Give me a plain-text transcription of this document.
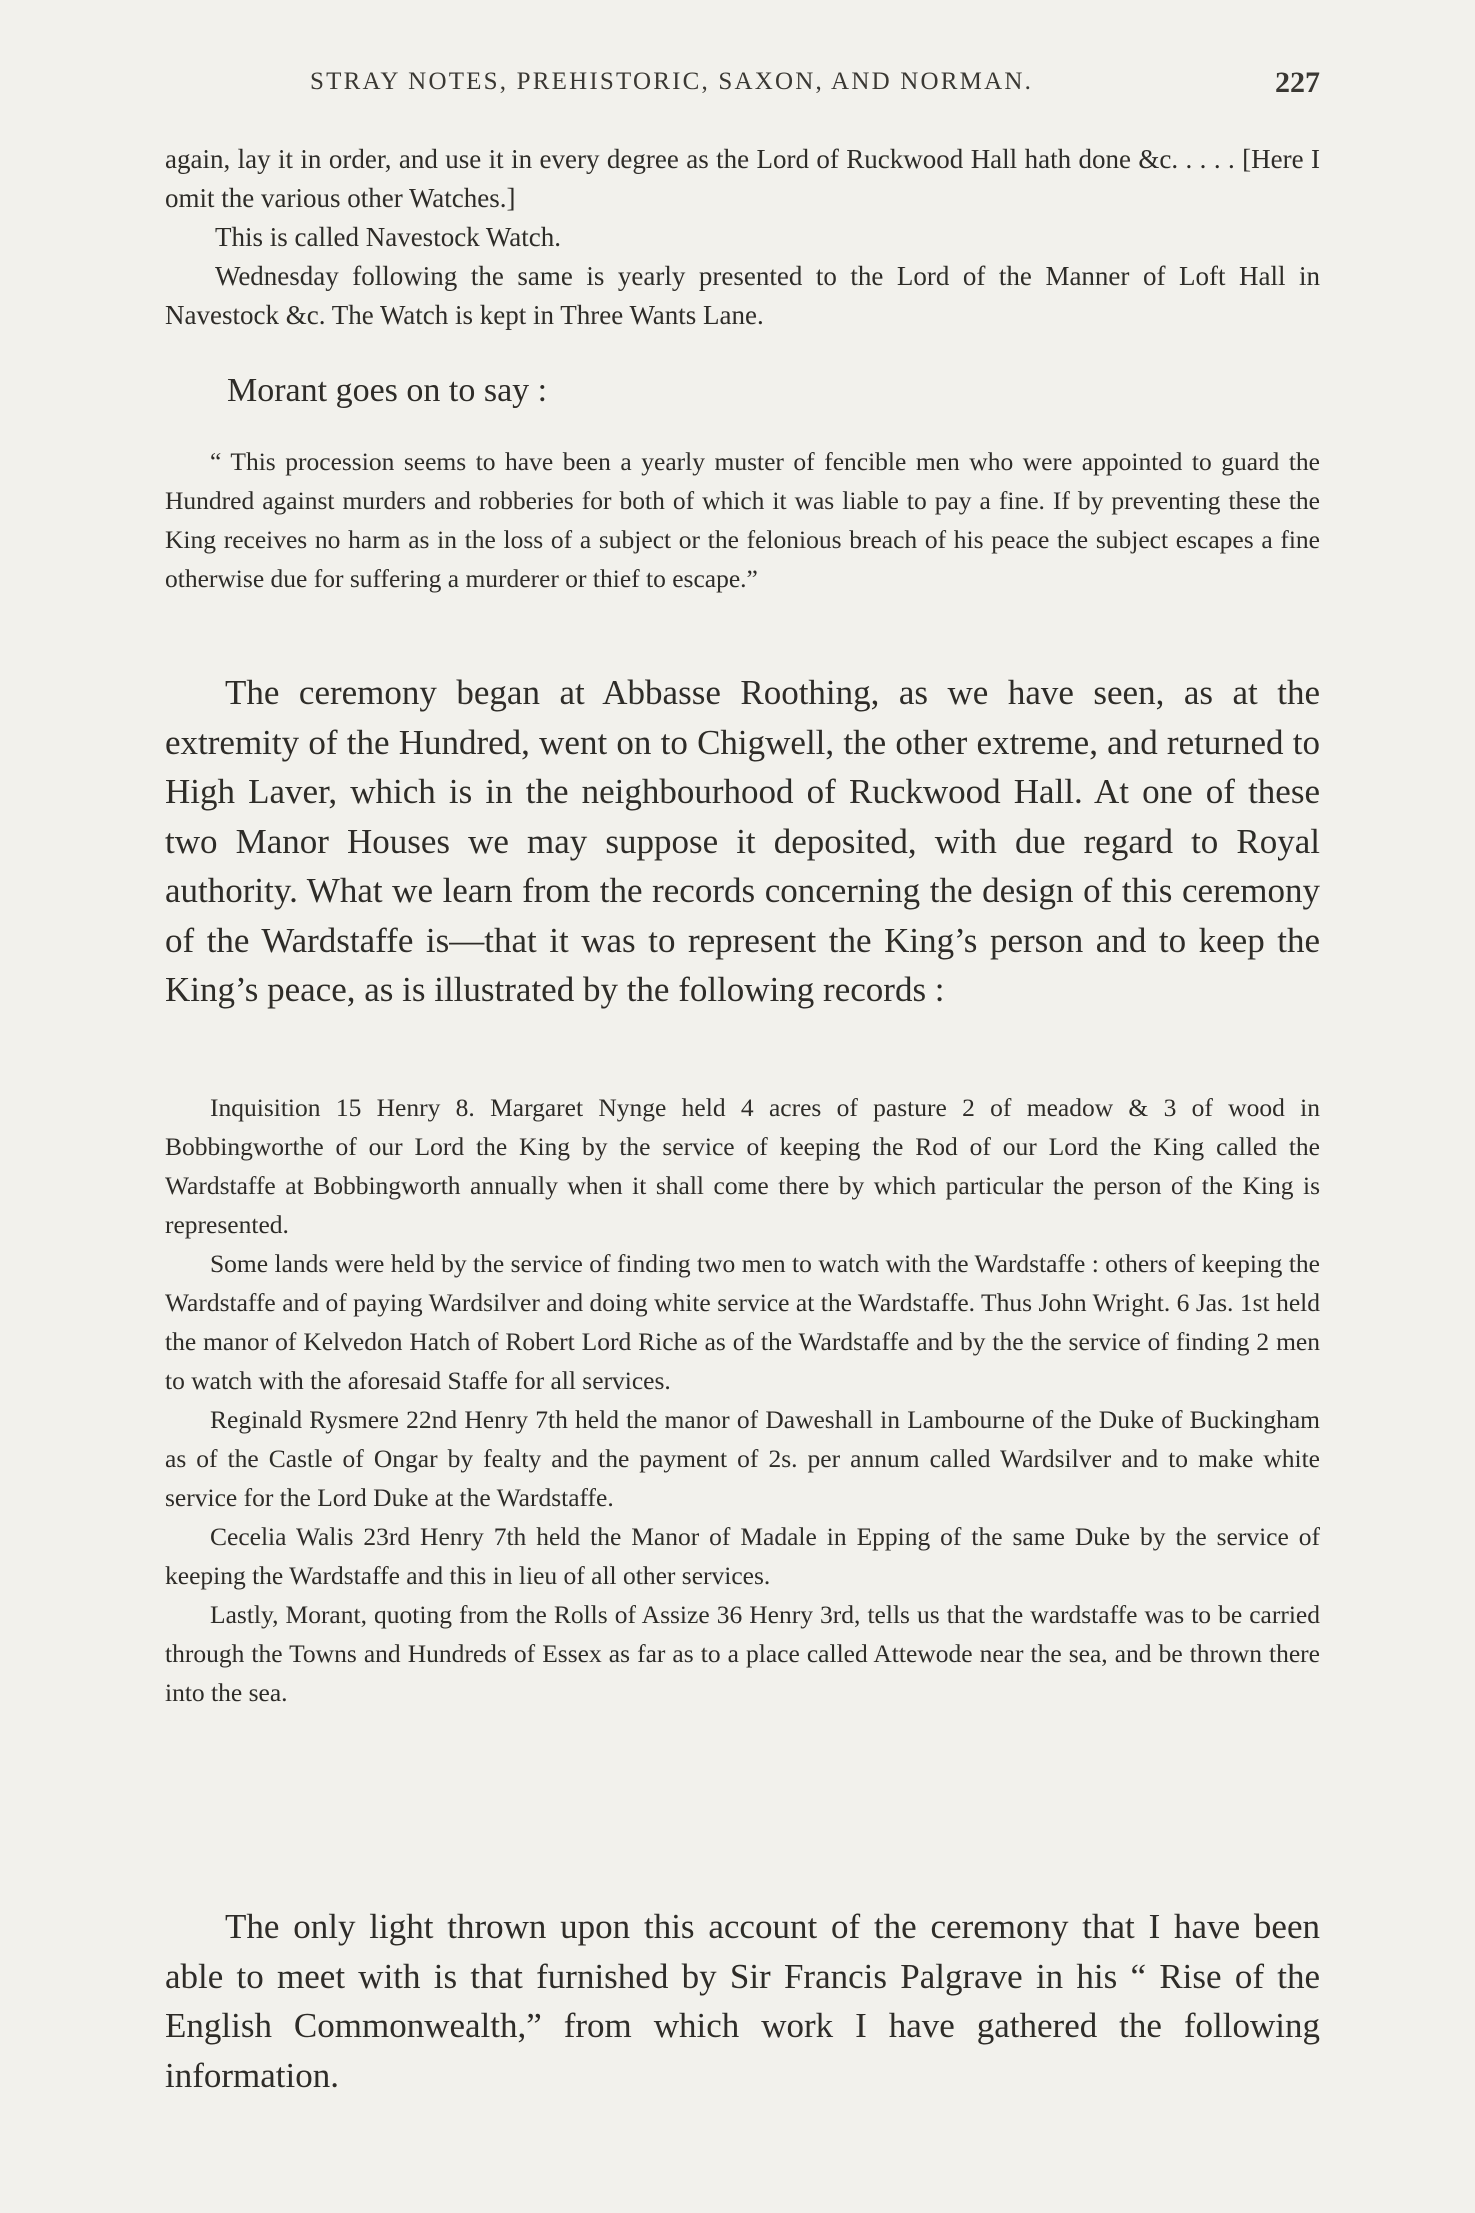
STRAY NOTES, PREHISTORIC, SAXON, AND NORMAN.	227

again, lay it in order, and use it in every degree as the Lord of Ruckwood Hall hath done &c. . . . . [Here I omit the various other Watches.]

This is called Navestock Watch.

Wednesday following the same is yearly presented to the Lord of the Manner of Loft Hall in Navestock &c. The Watch is kept in Three Wants Lane.

Morant goes on to say :

“ This procession seems to have been a yearly muster of fencible men who were appointed to guard the Hundred against murders and robberies for both of which it was liable to pay a fine. If by preventing these the King receives no harm as in the loss of a subject or the felonious breach of his peace the subject escapes a fine otherwise due for suffering a murderer or thief to escape.”

The ceremony began at Abbasse Roothing, as we have seen, as at the extremity of the Hundred, went on to Chigwell, the other extreme, and returned to High Laver, which is in the neighbourhood of Ruckwood Hall. At one of these two Manor Houses we may suppose it deposited, with due regard to Royal authority. What we learn from the records concerning the design of this ceremony of the Wardstaffe is—that it was to represent the King’s person and to keep the King’s peace, as is illustrated by the following records :

Inquisition 15 Henry 8. Margaret Nynge held 4 acres of pasture 2 of meadow & 3 of wood in Bobbingworthe of our Lord the King by the service of keeping the Rod of our Lord the King called the Wardstaffe at Bobbingworth annually when it shall come there by which particular the person of the King is represented.

Some lands were held by the service of finding two men to watch with the Wardstaffe : others of keeping the Wardstaffe and of paying Wardsilver and doing white service at the Wardstaffe. Thus John Wright. 6 Jas. 1st held the manor of Kelvedon Hatch of Robert Lord Riche as of the Wardstaffe and by the the service of finding 2 men to watch with the aforesaid Staffe for all services.

Reginald Rysmere 22nd Henry 7th held the manor of Daweshall in Lambourne of the Duke of Buckingham as of the Castle of Ongar by fealty and the payment of 2s. per annum called Wardsilver and to make white service for the Lord Duke at the Wardstaffe.

Cecelia Walis 23rd Henry 7th held the Manor of Madale in Epping of the same Duke by the service of keeping the Wardstaffe and this in lieu of all other services.

Lastly, Morant, quoting from the Rolls of Assize 36 Henry 3rd, tells us that the wardstaffe was to be carried through the Towns and Hundreds of Essex as far as to a place called Attewode near the sea, and be thrown there into the sea.

The only light thrown upon this account of the ceremony that I have been able to meet with is that furnished by Sir Francis Palgrave in his “ Rise of the English Commonwealth,” from which work I have gathered the following information.
